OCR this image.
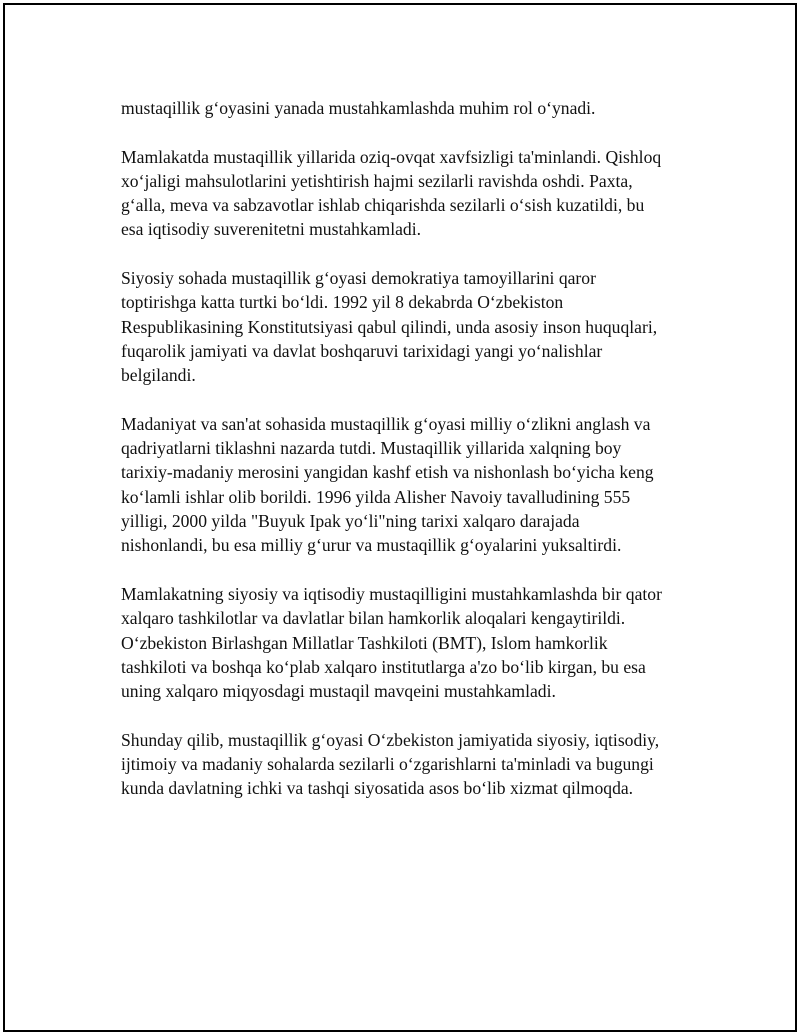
mustaqillik g‘oyasini yanada mustahkamlashda muhim rol o‘ynadi.

Mamlakatda mustaqillik yillarida oziq-ovqat xavfsizligi ta'minlandi. Qishloq
xo‘jaligi mahsulotlarini yetishtirish hajmi sezilarli ravishda oshdi. Paxta,
g‘alla, meva va sabzavotlar ishlab chiqarishda sezilarli o‘sish kuzatildi, bu
esa iqtisodiy suverenitetni mustahkamladi.

Siyosiy sohada mustaqillik g‘oyasi demokratiya tamoyillarini qaror
toptirishga katta turtki bo‘ldi. 1992 yil 8 dekabrda O‘zbekiston
Respublikasining Konstitutsiyasi qabul qilindi, unda asosiy inson huquqlari,
fuqarolik jamiyati va davlat boshqaruvi tarixidagi yangi yo‘nalishlar
belgilandi.

Madaniyat va san'at sohasida mustaqillik g‘oyasi milliy o‘zlikni anglash va
qadriyatlarni tiklashni nazarda tutdi. Mustaqillik yillarida xalqning boy
tarixiy-madaniy merosini yangidan kashf etish va nishonlash bo‘yicha keng
ko‘lamli ishlar olib borildi. 1996 yilda Alisher Navoiy tavalludining 555
yilligi, 2000 yilda "Buyuk Ipak yo‘li"ning tarixi xalqaro darajada
nishonlandi, bu esa milliy g‘urur va mustaqillik g‘oyalarini yuksaltirdi.

Mamlakatning siyosiy va iqtisodiy mustaqilligini mustahkamlashda bir qator
xalqaro tashkilotlar va davlatlar bilan hamkorlik aloqalari kengaytirildi.
O‘zbekiston Birlashgan Millatlar Tashkiloti (BMT), Islom hamkorlik
tashkiloti va boshqa ko‘plab xalqaro institutlarga a'zo bo‘lib kirgan, bu esa
uning xalqaro miqyosdagi mustaqil mavqeini mustahkamladi.

Shunday qilib, mustaqillik g‘oyasi O‘zbekiston jamiyatida siyosiy, iqtisodiy,
ijtimoiy va madaniy sohalarda sezilarli o‘zgarishlarni ta'minladi va bugungi
kunda davlatning ichki va tashqi siyosatida asos bo‘lib xizmat qilmoqda.
